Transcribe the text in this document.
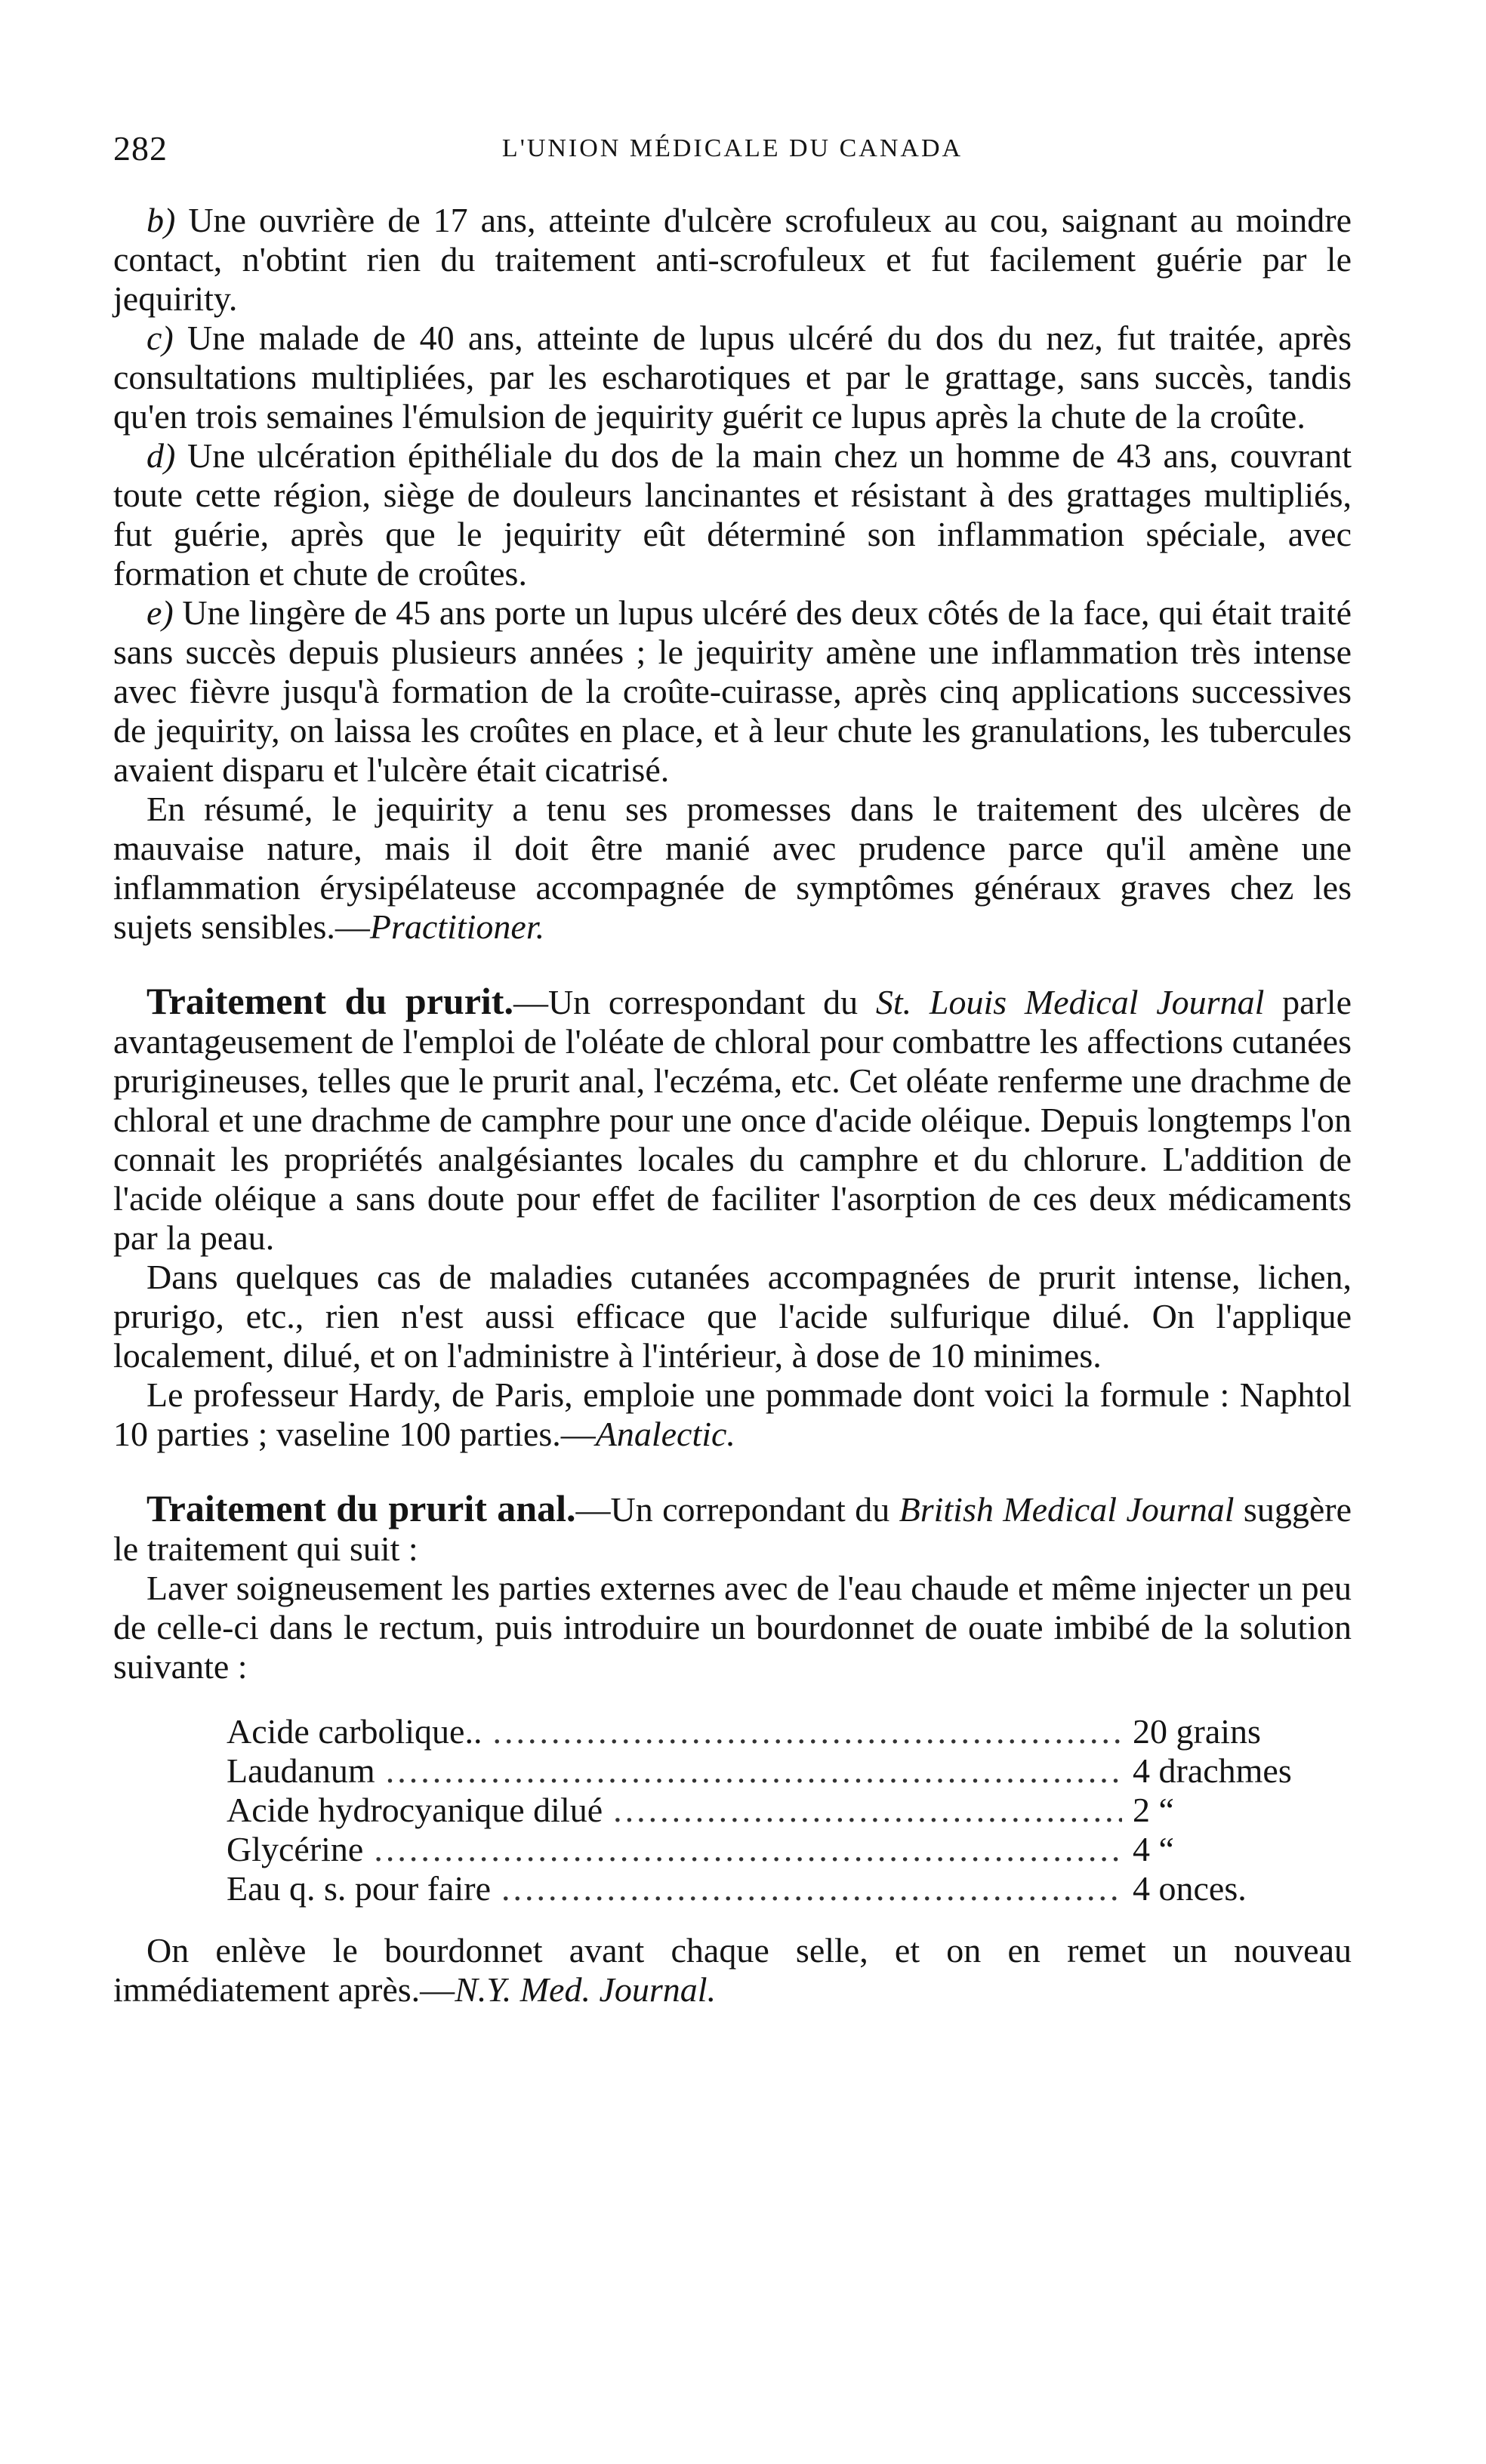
282	L'UNION MÉDICALE DU CANADA

b) Une ouvrière de 17 ans, atteinte d'ulcère scrofuleux au cou, saignant au moindre contact, n'obtint rien du traitement anti-scrofuleux et fut facilement guérie par le jequirity.

c) Une malade de 40 ans, atteinte de lupus ulcéré du dos du nez, fut traitée, après consultations multipliées, par les escharotiques et par le grattage, sans succès, tandis qu'en trois semaines l'émulsion de jequirity guérit ce lupus après la chute de la croûte.

d) Une ulcération épithéliale du dos de la main chez un homme de 43 ans, couvrant toute cette région, siège de douleurs lancinantes et résistant à des grattages multipliés, fut guérie, après que le jequirity eût déterminé son inflammation spéciale, avec formation et chute de croûtes.

e) Une lingère de 45 ans porte un lupus ulcéré des deux côtés de la face, qui était traité sans succès depuis plusieurs années ; le jequirity amène une inflammation très intense avec fièvre jusqu'à formation de la croûte-cuirasse, après cinq applications successives de jequirity, on laissa les croûtes en place, et à leur chute les granulations, les tubercules avaient disparu et l'ulcère était cicatrisé.

En résumé, le jequirity a tenu ses promesses dans le traitement des ulcères de mauvaise nature, mais il doit être manié avec prudence parce qu'il amène une inflammation érysipélateuse accompagnée de symptômes généraux graves chez les sujets sensibles.—Practitioner.

Traitement du prurit.—Un correspondant du St. Louis Medical Journal parle avantageusement de l'emploi de l'oléate de chloral pour combattre les affections cutanées prurigineuses, telles que le prurit anal, l'eczéma, etc. Cet oléate renferme une drachme de chloral et une drachme de camphre pour une once d'acide oléique. Depuis longtemps l'on connait les propriétés analgésiantes locales du camphre et du chlorure. L'addition de l'acide oléique a sans doute pour effet de faciliter l'asorption de ces deux médicaments par la peau.

Dans quelques cas de maladies cutanées accompagnées de prurit intense, lichen, prurigo, etc., rien n'est aussi efficace que l'acide sulfurique dilué. On l'applique localement, dilué, et on l'administre à l'intérieur, à dose de 10 minimes.

Le professeur Hardy, de Paris, emploie une pommade dont voici la formule : Naphtol 10 parties ; vaseline 100 parties.—Analectic.

Traitement du prurit anal.—Un correpondant du British Medical Journal suggère le traitement qui suit :

Laver soigneusement les parties externes avec de l'eau chaude et même injecter un peu de celle-ci dans le rectum, puis introduire un bourdonnet de ouate imbibé de la solution suivante :

Acide carbolique.. .....	20 grains
Laudanum .....	4 drachmes
Acide hydrocyanique dilué .....	2 “
Glycérine .....	4 “
Eau q. s. pour faire .....	4 onces.

On enlève le bourdonnet avant chaque selle, et on en remet un nouveau immédiatement après.—N.Y. Med. Journal.
